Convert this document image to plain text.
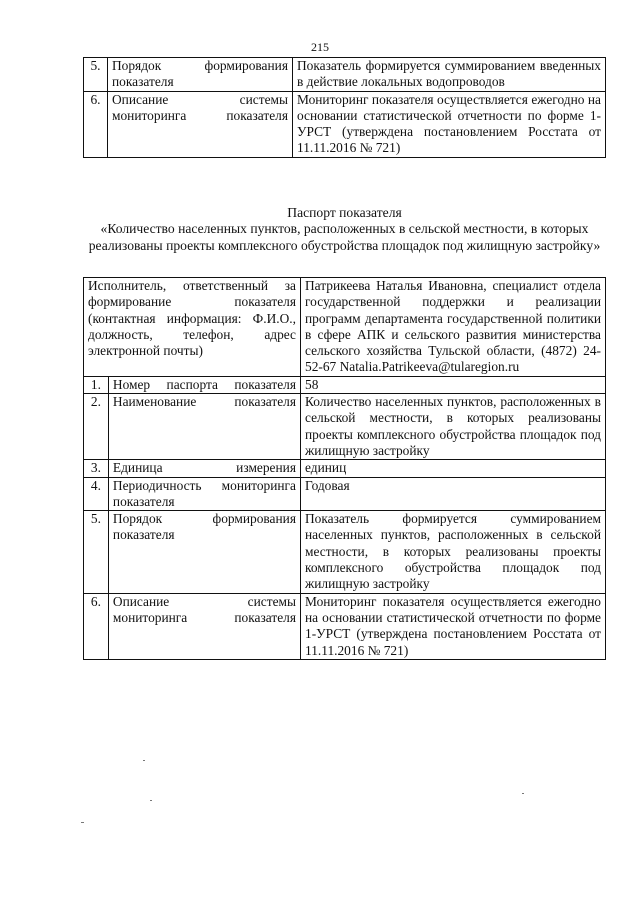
215
5.	Порядок формирования показателя	Показатель формируется суммированием введенных в действие локальных водопроводов
6.	Описание системы мониторинга показателя	Мониторинг показателя осуществляется ежегодно на основании статистической отчетности по форме 1-УРСТ (утверждена постановлением Росстата от 11.11.2016 № 721)
Паспорт показателя
«Количество населенных пунктов, расположенных в сельской местности, в которых реализованы проекты комплексного обустройства площадок под жилищную застройку»
Исполнитель, ответственный за формирование показателя (контактная информация: Ф.И.О., должность, телефон, адрес электронной почты)		Патрикеева Наталья Ивановна, специалист отдела государственной поддержки и реализации программ департамента государственной политики в сфере АПК и сельского развития министерства сельского хозяйства Тульской области, (4872) 24-52-67 Natalia.Patrikeeva@tularegion.ru
1.	Номер паспорта показателя	58
2.	Наименование показателя	Количество населенных пунктов, расположенных в сельской местности, в которых реализованы проекты комплексного обустройства площадок под жилищную застройку
3.	Единица измерения	единиц
4.	Периодичность мониторинга показателя	Годовая
5.	Порядок формирования показателя	Показатель формируется суммированием населенных пунктов, расположенных в сельской местности, в которых реализованы проекты комплексного обустройства площадок под жилищную застройку
6.	Описание системы мониторинга показателя	Мониторинг показателя осуществляется ежегодно на основании статистической отчетности по форме 1-УРСТ (утверждена постановлением Росстата от 11.11.2016 № 721)
